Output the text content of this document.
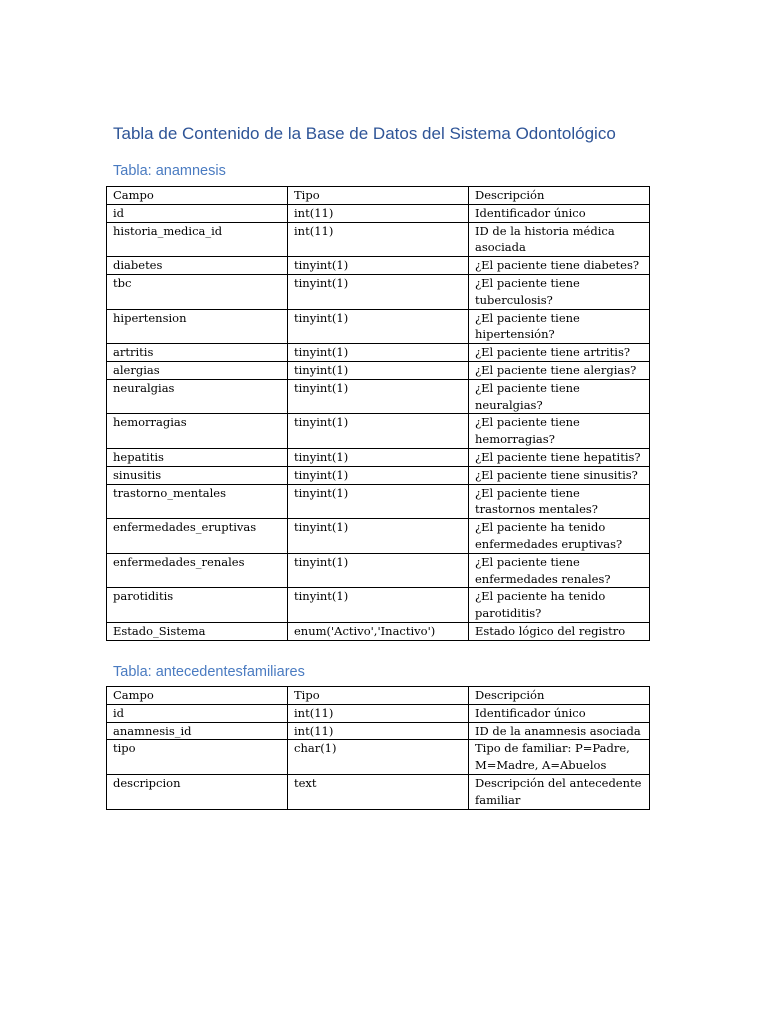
Tabla de Contenido de la Base de Datos del Sistema Odontológico
Tabla: anamnesis
Campo	Tipo	Descripción
id	int(11)	Identificador único
historia_medica_id	int(11)	ID de la historia médica asociada
diabetes	tinyint(1)	¿El paciente tiene diabetes?
tbc	tinyint(1)	¿El paciente tiene tuberculosis?
hipertension	tinyint(1)	¿El paciente tiene hipertensión?
artritis	tinyint(1)	¿El paciente tiene artritis?
alergias	tinyint(1)	¿El paciente tiene alergias?
neuralgias	tinyint(1)	¿El paciente tiene neuralgias?
hemorragias	tinyint(1)	¿El paciente tiene hemorragias?
hepatitis	tinyint(1)	¿El paciente tiene hepatitis?
sinusitis	tinyint(1)	¿El paciente tiene sinusitis?
trastorno_mentales	tinyint(1)	¿El paciente tiene trastornos mentales?
enfermedades_eruptivas	tinyint(1)	¿El paciente ha tenido enfermedades eruptivas?
enfermedades_renales	tinyint(1)	¿El paciente tiene enfermedades renales?
parotiditis	tinyint(1)	¿El paciente ha tenido parotiditis?
Estado_Sistema	enum('Activo','Inactivo')	Estado lógico del registro
Tabla: antecedentesfamiliares
Campo	Tipo	Descripción
id	int(11)	Identificador único
anamnesis_id	int(11)	ID de la anamnesis asociada
tipo	char(1)	Tipo de familiar: P=Padre, M=Madre, A=Abuelos
descripcion	text	Descripción del antecedente familiar
